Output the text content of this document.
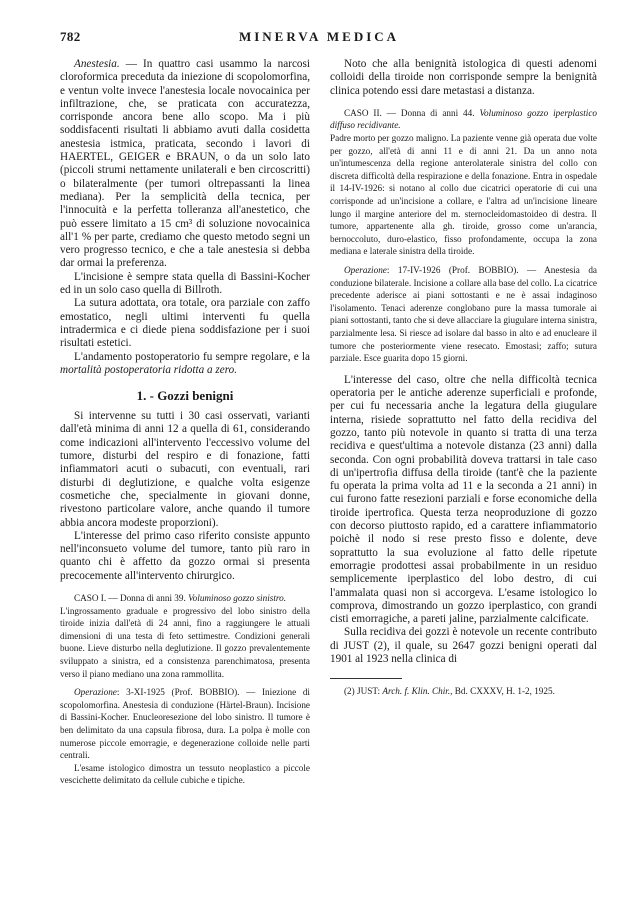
782	MINERVA MEDICA

Anestesia. — In quattro casi usammo la narcosi cloroformica preceduta da iniezione di scopolomorfina, e ventun volte invece l'anestesia locale novocainica per infiltrazione, che, se praticata con accuratezza, corrisponde ancora bene allo scopo. Ma i più soddisfacenti risultati li abbiamo avuti dalla cosidetta anestesia istmica, praticata, secondo i lavori di HAERTEL, GEIGER e BRAUN, o da un solo lato (piccoli strumi nettamente unilaterali e ben circoscritti) o bilateralmente (per tumori oltrepassanti la linea mediana). Per la semplicità della tecnica, per l'innocuità e la perfetta tolleranza all'anestetico, che può essere limitato a 15 cm³ di soluzione novocainica all'1 % per parte, crediamo che questo metodo segni un vero progresso tecnico, e che a tale anestesia si debba dar ormai la preferenza.

L'incisione è sempre stata quella di Bassini-Kocher ed in un solo caso quella di Billroth.

La sutura adottata, ora totale, ora parziale con zaffo emostatico, negli ultimi interventi fu quella intradermica e ci diede piena soddisfazione per i suoi risultati estetici.

L'andamento postoperatorio fu sempre regolare, e la mortalità postoperatoria ridotta a zero.

1. - Gozzi benigni

Si intervenne su tutti i 30 casi osservati, varianti dall'età minima di anni 12 a quella di 61, considerando come indicazioni all'intervento l'eccessivo volume del tumore, disturbi del respiro e di fonazione, fatti infiammatori acuti o subacuti, con eventuali, rari disturbi di deglutizione, e qualche volta esigenze cosmetiche che, specialmente in giovani donne, rivestono particolare valore, anche quando il tumore abbia ancora modeste proporzioni).

L'interesse del primo caso riferito consiste appunto nell'inconsueto volume del tumore, tanto più raro in quanto chi è affetto da gozzo ormai si presenta precocemente all'intervento chirurgico.

CASO I. — Donna di anni 39. Voluminoso gozzo sinistro.

L'ingrossamento graduale e progressivo del lobo sinistro della tiroide inizia dall'età di 24 anni, fino a raggiungere le attuali dimensioni di una testa di feto settimestre. Condizioni generali buone. Lieve disturbo nella deglutizione. Il gozzo prevalentemente sviluppato a sinistra, ed a consistenza parenchimatosa, presenta verso il piano mediano una zona rammollita.

Operazione: 3-XI-1925 (Prof. BOBBIO). — Iniezione di scopolomorfina. Anestesia di conduzione (Härtel-Braun). Incisione di Bassini-Kocher. Enucleoresezione del lobo sinistro. Il tumore è ben delimitato da una capsula fibrosa, dura. La polpa è molle con numerose piccole emorragie, e degenerazione colloide nelle parti centrali.

L'esame istologico dimostra un tessuto neoplastico a piccole vescichette delimitato da cellule cubiche e tipiche.

Noto che alla benignità istologica di questi adenomi colloidi della tiroide non corrisponde sempre la benignità clinica potendo essi dare metastasi a distanza.

CASO II. — Donna di anni 44. Voluminoso gozzo iperplastico diffuso recidivante.

Padre morto per gozzo maligno. La paziente venne già operata due volte per gozzo, all'età di anni 11 e di anni 21. Da un anno nota un'intumescenza della regione anterolaterale sinistra del collo con discreta difficoltà della respirazione e della fonazione. Entra in ospedale il 14-IV-1926: si notano al collo due cicatrici operatorie di cui una corrisponde ad un'incisione a collare, e l'altra ad un'incisione lineare lungo il margine anteriore del m. sternocleidomastoideo di destra. Il tumore, appartenente alla gh. tiroide, grosso come un'arancia, bernoccoluto, duro-elastico, fisso profondamente, occupa la zona mediana e laterale sinistra della tiroide.

Operazione: 17-IV-1926 (Prof. BOBBIO). — Anestesia da conduzione bilaterale. Incisione a collare alla base del collo. La cicatrice precedente aderisce ai piani sottostanti e ne è assai indaginoso l'isolamento. Tenaci aderenze conglobano pure la massa tumorale ai piani sottostanti, tanto che si deve allacciare la giugulare interna sinistra, parzialmente lesa. Si riesce ad isolare dal basso in alto e ad enucleare il tumore che posteriormente viene resecato. Emostasi; zaffo; sutura parziale. Esce guarita dopo 15 giorni.

L'interesse del caso, oltre che nella difficoltà tecnica operatoria per le antiche aderenze superficiali e profonde, per cui fu necessaria anche la legatura della giugulare interna, risiede soprattutto nel fatto della recidiva del gozzo, tanto più notevole in quanto si tratta di una terza recidiva e quest'ultima a notevole distanza (23 anni) dalla seconda. Con ogni probabilità doveva trattarsi in tale caso di un'ipertrofia diffusa della tiroide (tant'è che la paziente fu operata la prima volta ad 11 e la seconda a 21 anni) in cui furono fatte resezioni parziali e forse economiche della tiroide ipertrofica. Questa terza neoproduzione di gozzo con decorso piuttosto rapido, ed a carattere infiammatorio poichè il nodo si rese presto fisso e dolente, deve soprattutto la sua evoluzione al fatto delle ripetute emorragie prodottesi assai probabilmente in un residuo semplicemente iperplastico del lobo destro, di cui l'ammalata quasi non si accorgeva. L'esame istologico lo comprova, dimostrando un gozzo iperplastico, con grandi cisti emorragiche, a pareti jaline, parzialmente calcificate.

Sulla recidiva dei gozzi è notevole un recente contributo di JUST (2), il quale, su 2647 gozzi benigni operati dal 1901 al 1923 nella clinica di

(2) JUST: Arch. f. Klin. Chir., Bd. CXXXV, H. 1-2, 1925.
